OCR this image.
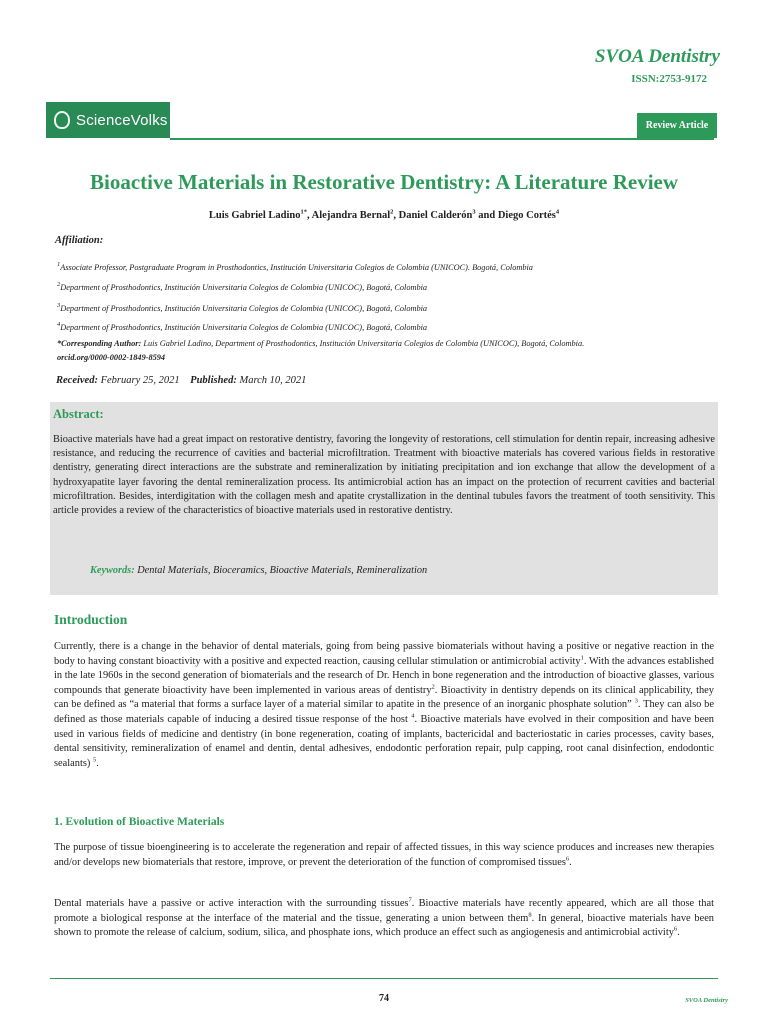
SVOA Dentistry
ISSN:2753-9172
ScienceVolks	Review Article
Bioactive Materials in Restorative Dentistry: A Literature Review
Luis Gabriel Ladino$^{1*}$, Alejandra Bernal$^2$, Daniel Calderón$^3$ and Diego Cortés$^4$
Affiliation:
$^1$Associate Professor, Postgraduate Program in Prosthodontics, Institución Universitaria Colegios de Colombia (UNICOC). Bogotá, Colombia
$^2$Department of Prosthodontics, Institución Universitaria Colegios de Colombia (UNICOC), Bogotá, Colombia
$^3$Department of Prosthodontics, Institución Universitaria Colegios de Colombia (UNICOC), Bogotá, Colombia
$^4$Department of Prosthodontics, Institución Universitaria Colegios de Colombia (UNICOC), Bogotá, Colombia
*Corresponding Author: Luis Gabriel Ladino, Department of Prosthodontics, Institución Universitaria Colegios de Colombia (UNICOC), Bogotá, Colombia.
orcid.org/0000-0002-1849-8594
Received: February 25, 2021 Published: March 10, 2021
Abstract:

Bioactive materials have had a great impact on restorative dentistry, favoring the longevity of restorations, cell stimulation for dentin repair, increasing adhesive resistance, and reducing the recurrence of cavities and bacterial microfiltration. Treatment with bioactive materials has covered various fields in restorative dentistry, generating direct interactions are the substrate and remineralization by initiating precipitation and ion exchange that allow the development of a hydroxyapatite layer favoring the dental remineralization process. Its antimicrobial action has an impact on the protection of recurrent cavities and bacterial microfiltration. Besides, interdigitation with the collagen mesh and apatite crystallization in the dentinal tubules favors the treatment of tooth sensitivity. This article provides a review of the characteristics of bioactive materials used in restorative dentistry.

Keywords: Dental Materials, Bioceramics, Bioactive Materials, Remineralization
Introduction

Currently, there is a change in the behavior of dental materials, going from being passive biomaterials without having a positive or negative reaction in the body to having constant bioactivity with a positive and expected reaction, causing cellular stimulation or antimicrobial activity$^1$. With the advances established in the late 1960s in the second generation of biomaterials and the research of Dr. Hench in bone regeneration and the introduction of bioactive glasses, various compounds that generate bioactivity have been implemented in various areas of dentistry$^2$. Bioactivity in dentistry depends on its clinical applicability, they can be defined as “a material that forms a surface layer of a material similar to apatite in the presence of an inorganic phosphate solution” $^3$. They can also be defined as those materials capable of inducing a desired tissue response of the host $^4$. Bioactive materials have evolved in their composition and have been used in various fields of medicine and dentistry (in bone regeneration, coating of implants, bactericidal and bacteriostatic in caries processes, cavity bases, dental sensitivity, remineralization of enamel and dentin, dental adhesives, endodontic perforation repair, pulp capping, root canal disinfection, endodontic sealants) $^5$.

1. Evolution of Bioactive Materials

The purpose of tissue bioengineering is to accelerate the regeneration and repair of affected tissues, in this way science produces and increases new therapies and/or develops new biomaterials that restore, improve, or prevent the deterioration of the function of compromised tissues$^6$.

Dental materials have a passive or active interaction with the surrounding tissues$^7$. Bioactive materials have recently appeared, which are all those that promote a biological response at the interface of the material and the tissue, generating a union between them$^8$. In general, bioactive materials have been shown to promote the release of calcium, sodium, silica, and phosphate ions, which produce an effect such as angiogenesis and antimicrobial activity$^6$.

74	SVOA Dentistry
